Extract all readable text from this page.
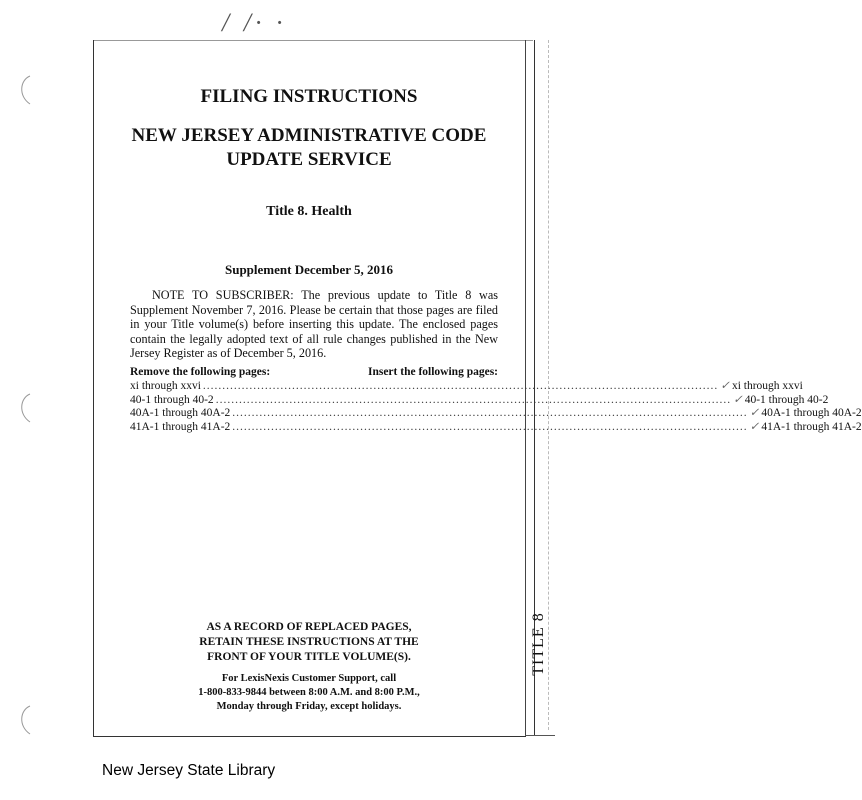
/ /· ·
FILING INSTRUCTIONS
NEW JERSEY ADMINISTRATIVE CODE
UPDATE SERVICE
Title 8. Health
Supplement December 5, 2016
NOTE TO SUBSCRIBER: The previous update to Title 8 was Supplement November 7, 2016. Please be certain that those pages are filed in your Title volume(s) before inserting this update. The enclosed pages contain the legally adopted text of all rule changes published in the New Jersey Register as of December 5, 2016.
Remove the following pages:	Insert the following pages:
xi through xxvi ..................................................................................................................................... ✓ xi through xxvi
40-1 through 40-2 ..................................................................................................................................... ✓ 40-1 through 40-2
40A-1 through 40A-2 ..................................................................................................................................... ✓ 40A-1 through 40A-2
41A-1 through 41A-2 ..................................................................................................................................... ✓ 41A-1 through 41A-2
AS A RECORD OF REPLACED PAGES,
RETAIN THESE INSTRUCTIONS AT THE
FRONT OF YOUR TITLE VOLUME(S).
For LexisNexis Customer Support, call
1-800-833-9844 between 8:00 A.M. and 8:00 P.M.,
Monday through Friday, except holidays.
TITLE 8
New Jersey State Library
